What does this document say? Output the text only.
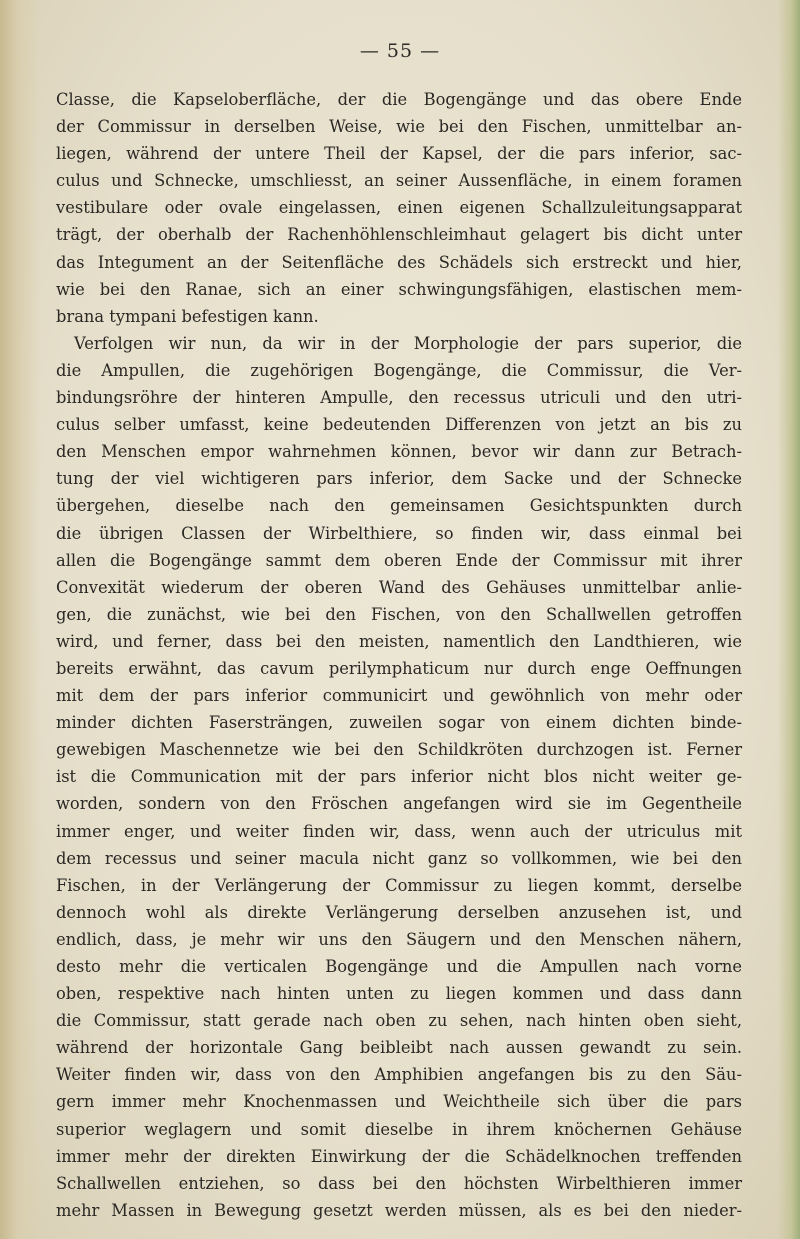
— 55 —
Classe, die Kapseloberfläche, der die Bogengänge und das obere Ende
der Commissur in derselben Weise, wie bei den Fischen, unmittelbar an-
liegen, während der untere Theil der Kapsel, der die pars inferior, sac-
culus und Schnecke, umschliesst, an seiner Aussenfläche, in einem foramen
vestibulare oder ovale eingelassen, einen eigenen Schallzuleitungsapparat
trägt, der oberhalb der Rachenhöhlenschleimhaut gelagert bis dicht unter
das Integument an der Seitenfläche des Schädels sich erstreckt und hier,
wie bei den Ranae, sich an einer schwingungsfähigen, elastischen mem-
brana tympani befestigen kann.
Verfolgen wir nun, da wir in der Morphologie der pars superior, die
die Ampullen, die zugehörigen Bogengänge, die Commissur, die Ver-
bindungsröhre der hinteren Ampulle, den recessus utriculi und den utri-
culus selber umfasst, keine bedeutenden Differenzen von jetzt an bis zu
den Menschen empor wahrnehmen können, bevor wir dann zur Betrach-
tung der viel wichtigeren pars inferior, dem Sacke und der Schnecke
übergehen, dieselbe nach den gemeinsamen Gesichtspunkten durch
die übrigen Classen der Wirbelthiere, so finden wir, dass einmal bei
allen die Bogengänge sammt dem oberen Ende der Commissur mit ihrer
Convexität wiederum der oberen Wand des Gehäuses unmittelbar anlie-
gen, die zunächst, wie bei den Fischen, von den Schallwellen getroffen
wird, und ferner, dass bei den meisten, namentlich den Landthieren, wie
bereits erwähnt, das cavum perilymphaticum nur durch enge Oeffnungen
mit dem der pars inferior communicirt und gewöhnlich von mehr oder
minder dichten Fasersträngen, zuweilen sogar von einem dichten binde-
gewebigen Maschennetze wie bei den Schildkröten durchzogen ist. Ferner
ist die Communication mit der pars inferior nicht blos nicht weiter ge-
worden, sondern von den Fröschen angefangen wird sie im Gegentheile
immer enger, und weiter finden wir, dass, wenn auch der utriculus mit
dem recessus und seiner macula nicht ganz so vollkommen, wie bei den
Fischen, in der Verlängerung der Commissur zu liegen kommt, derselbe
dennoch wohl als direkte Verlängerung derselben anzusehen ist, und
endlich, dass, je mehr wir uns den Säugern und den Menschen nähern,
desto mehr die verticalen Bogengänge und die Ampullen nach vorne
oben, respektive nach hinten unten zu liegen kommen und dass dann
die Commissur, statt gerade nach oben zu sehen, nach hinten oben sieht,
während der horizontale Gang beibleibt nach aussen gewandt zu sein.
Weiter finden wir, dass von den Amphibien angefangen bis zu den Säu-
gern immer mehr Knochenmassen und Weichtheile sich über die pars
superior weglagern und somit dieselbe in ihrem knöchernen Gehäuse
immer mehr der direkten Einwirkung der die Schädelknochen treffenden
Schallwellen entziehen, so dass bei den höchsten Wirbelthieren immer
mehr Massen in Bewegung gesetzt werden müssen, als es bei den nieder-
